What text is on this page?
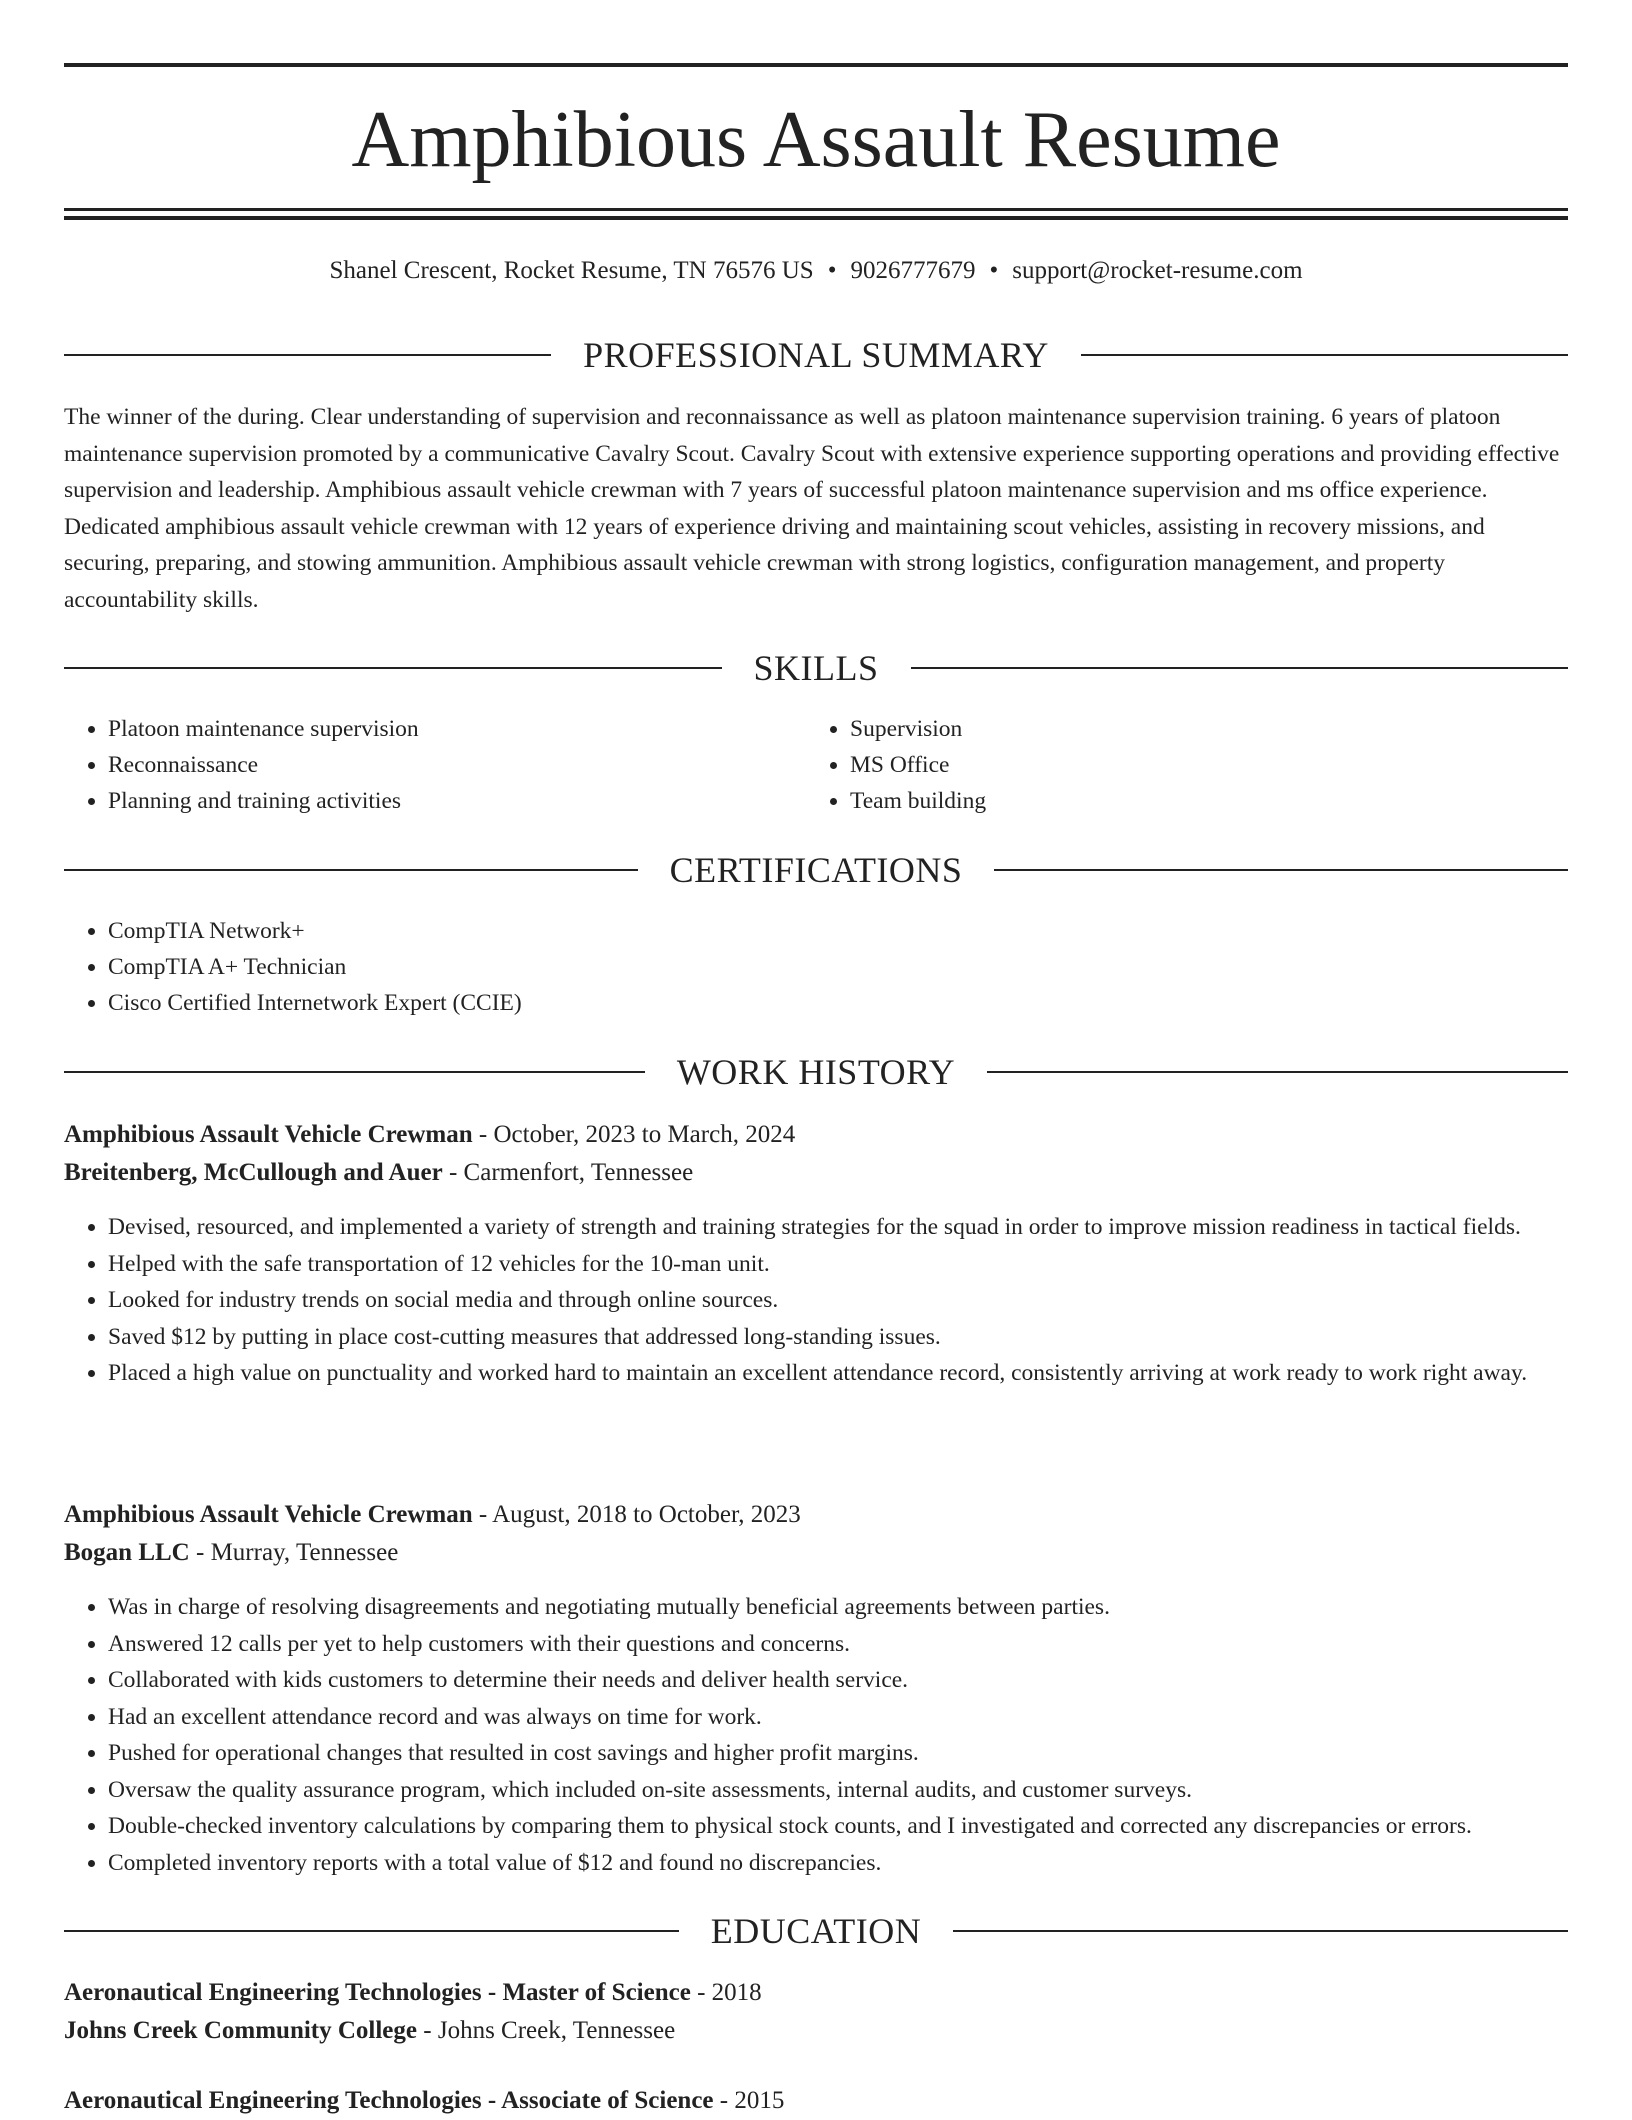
Amphibious Assault Resume
Shanel Crescent, Rocket Resume, TN 76576 US • 9026777679 • support@rocket-resume.com
PROFESSIONAL SUMMARY

The winner of the during. Clear understanding of supervision and reconnaissance as well as platoon maintenance supervision training. 6 years of platoon maintenance supervision promoted by a communicative Cavalry Scout. Cavalry Scout with extensive experience supporting operations and providing effective supervision and leadership. Amphibious assault vehicle crewman with 7 years of successful platoon maintenance supervision and ms office experience. Dedicated amphibious assault vehicle crewman with 12 years of experience driving and maintaining scout vehicles, assisting in recovery missions, and securing, preparing, and stowing ammunition. Amphibious assault vehicle crewman with strong logistics, configuration management, and property accountability skills.

SKILLS
• Platoon maintenance supervision
• Reconnaissance
• Planning and training activities
• Supervision
• MS Office
• Team building
CERTIFICATIONS
• CompTIA Network+
• CompTIA A+ Technician
• Cisco Certified Internetwork Expert (CCIE)
WORK HISTORY

Amphibious Assault Vehicle Crewman - October, 2023 to March, 2024

Breitenberg, McCullough and Auer - Carmenfort, Tennessee

• Devised, resourced, and implemented a variety of strength and training strategies for the squad in order to improve mission readiness in tactical fields.
• Helped with the safe transportation of 12 vehicles for the 10-man unit.
• Looked for industry trends on social media and through online sources.
• Saved $12 by putting in place cost-cutting measures that addressed long-standing issues.
• Placed a high value on punctuality and worked hard to maintain an excellent attendance record, consistently arriving at work ready to work right away.

Amphibious Assault Vehicle Crewman - August, 2018 to October, 2023

Bogan LLC - Murray, Tennessee

• Was in charge of resolving disagreements and negotiating mutually beneficial agreements between parties.
• Answered 12 calls per yet to help customers with their questions and concerns.
• Collaborated with kids customers to determine their needs and deliver health service.
• Had an excellent attendance record and was always on time for work.
• Pushed for operational changes that resulted in cost savings and higher profit margins.
• Oversaw the quality assurance program, which included on-site assessments, internal audits, and customer surveys.
• Double-checked inventory calculations by comparing them to physical stock counts, and I investigated and corrected any discrepancies or errors.
• Completed inventory reports with a total value of $12 and found no discrepancies.
EDUCATION

Aeronautical Engineering Technologies - Master of Science - 2018

Johns Creek Community College - Johns Creek, Tennessee

Aeronautical Engineering Technologies - Associate of Science - 2015
